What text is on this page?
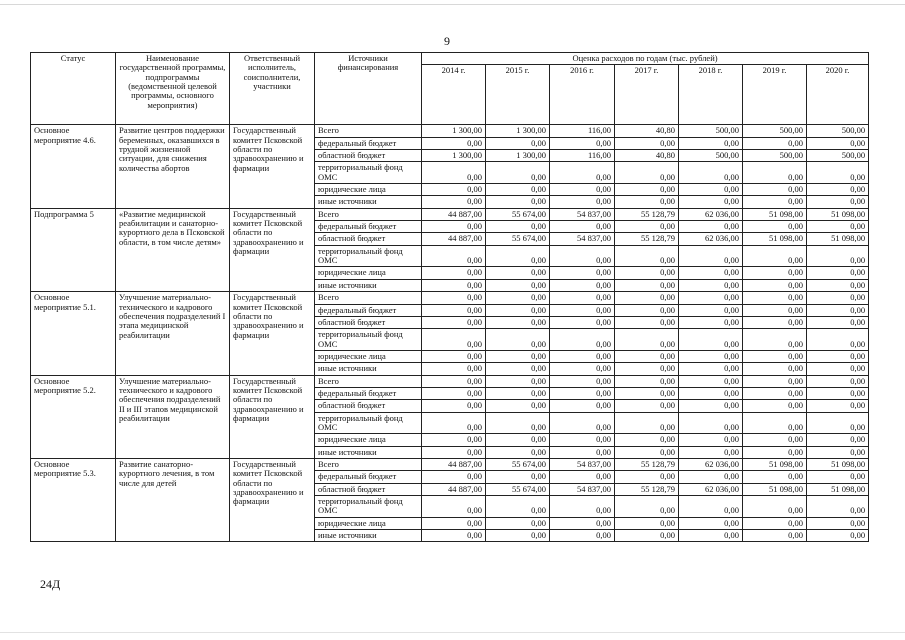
9
Статус	Наименование государственной программы, подпрограммы (ведомственной целевой программы, основного мероприятия)	Ответственный исполнитель, соисполнители, участники	Источники финансирования	Оценка расходов по годам (тыс. рублей)						
				2014 г.	2015 г.	2016 г.	2017 г.	2018 г.	2019 г.	2020 г.
Основное мероприятие 4.6.	Развитие центров поддержки беременных, оказавшихся в трудной жизненной ситуации, для снижения количества абортов	Государственный комитет Псковской области по здравоохранению и фармации	Всего	1 300,00	1 300,00	116,00	40,80	500,00	500,00	500,00
			федеральный бюджет	0,00	0,00	0,00	0,00	0,00	0,00	0,00
			областной бюджет	1 300,00	1 300,00	116,00	40,80	500,00	500,00	500,00
			территориальный фонд ОМС	0,00	0,00	0,00	0,00	0,00	0,00	0,00
			юридические лица	0,00	0,00	0,00	0,00	0,00	0,00	0,00
			иные источники	0,00	0,00	0,00	0,00	0,00	0,00	0,00
Подпрограмма 5	«Развитие медицинской реабилитации и санаторно-курортного дела в Псковской области, в том числе детям»	Государственный комитет Псковской области по здравоохранению и фармации	Всего	44 887,00	55 674,00	54 837,00	55 128,79	62 036,00	51 098,00	51 098,00
			федеральный бюджет	0,00	0,00	0,00	0,00	0,00	0,00	0,00
			областной бюджет	44 887,00	55 674,00	54 837,00	55 128,79	62 036,00	51 098,00	51 098,00
			территориальный фонд ОМС	0,00	0,00	0,00	0,00	0,00	0,00	0,00
			юридические лица	0,00	0,00	0,00	0,00	0,00	0,00	0,00
			иные источники	0,00	0,00	0,00	0,00	0,00	0,00	0,00
Основное мероприятие 5.1.	Улучшение материально-технического и кадрового обеспечения подразделений I этапа медицинской реабилитации	Государственный комитет Псковской области по здравоохранению и фармации	Всего	0,00	0,00	0,00	0,00	0,00	0,00	0,00
			федеральный бюджет	0,00	0,00	0,00	0,00	0,00	0,00	0,00
			областной бюджет	0,00	0,00	0,00	0,00	0,00	0,00	0,00
			территориальный фонд ОМС	0,00	0,00	0,00	0,00	0,00	0,00	0,00
			юридические лица	0,00	0,00	0,00	0,00	0,00	0,00	0,00
			иные источники	0,00	0,00	0,00	0,00	0,00	0,00	0,00
Основное мероприятие 5.2.	Улучшение материально-технического и кадрового обеспечения подразделений II и III этапов медицинской реабилитации	Государственный комитет Псковской области по здравоохранению и фармации	Всего	0,00	0,00	0,00	0,00	0,00	0,00	0,00
			федеральный бюджет	0,00	0,00	0,00	0,00	0,00	0,00	0,00
			областной бюджет	0,00	0,00	0,00	0,00	0,00	0,00	0,00
			территориальный фонд ОМС	0,00	0,00	0,00	0,00	0,00	0,00	0,00
			юридические лица	0,00	0,00	0,00	0,00	0,00	0,00	0,00
			иные источники	0,00	0,00	0,00	0,00	0,00	0,00	0,00
Основное мероприятие 5.3.	Развитие санаторно-курортного лечения, в том числе для детей	Государственный комитет Псковской области по здравоохранению и фармации	Всего	44 887,00	55 674,00	54 837,00	55 128,79	62 036,00	51 098,00	51 098,00
			федеральный бюджет	0,00	0,00	0,00	0,00	0,00	0,00	0,00
			областной бюджет	44 887,00	55 674,00	54 837,00	55 128,79	62 036,00	51 098,00	51 098,00
			территориальный фонд ОМС	0,00	0,00	0,00	0,00	0,00	0,00	0,00
			юридические лица	0,00	0,00	0,00	0,00	0,00	0,00	0,00
			иные источники	0,00	0,00	0,00	0,00	0,00	0,00	0,00
24Д
